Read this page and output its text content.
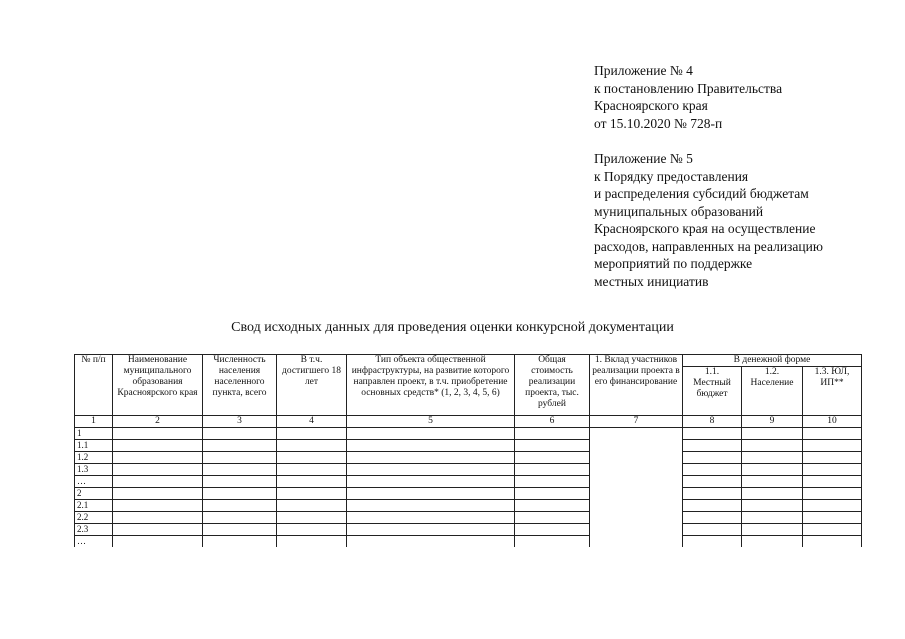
Приложение № 4
к постановлению Правительства
Красноярского края
от 15.10.2020 № 728-п
Приложение № 5
к Порядку предоставления
и распределения субсидий бюджетам
муниципальных образований
Красноярского края на осуществление
расходов, направленных на реализацию
мероприятий по поддержке
местных инициатив
Свод исходных данных для проведения оценки конкурсной документации
№ п/п	Наименование муниципального образования Красноярского края	Численность населения населенного пункта, всего	В т.ч. достигшего 18 лет	Тип объекта общественной инфраструктуры, на развитие которого направлен проект, в т.ч. приобретение основных средств* (1, 2, 3, 4, 5, 6)	Общая стоимость реализации проекта, тыс. рублей	1. Вклад участников реализации проекта в его финансирование	В денежной форме		
							1.1. Местный бюджет	1.2. Население	1.3. ЮЛ, ИП**
1	2	3	4	5	6	7	8	9	10
1									
1.1									
1.2									
1.3									
…									
2									
2.1									
2.2									
2.3									
…									
